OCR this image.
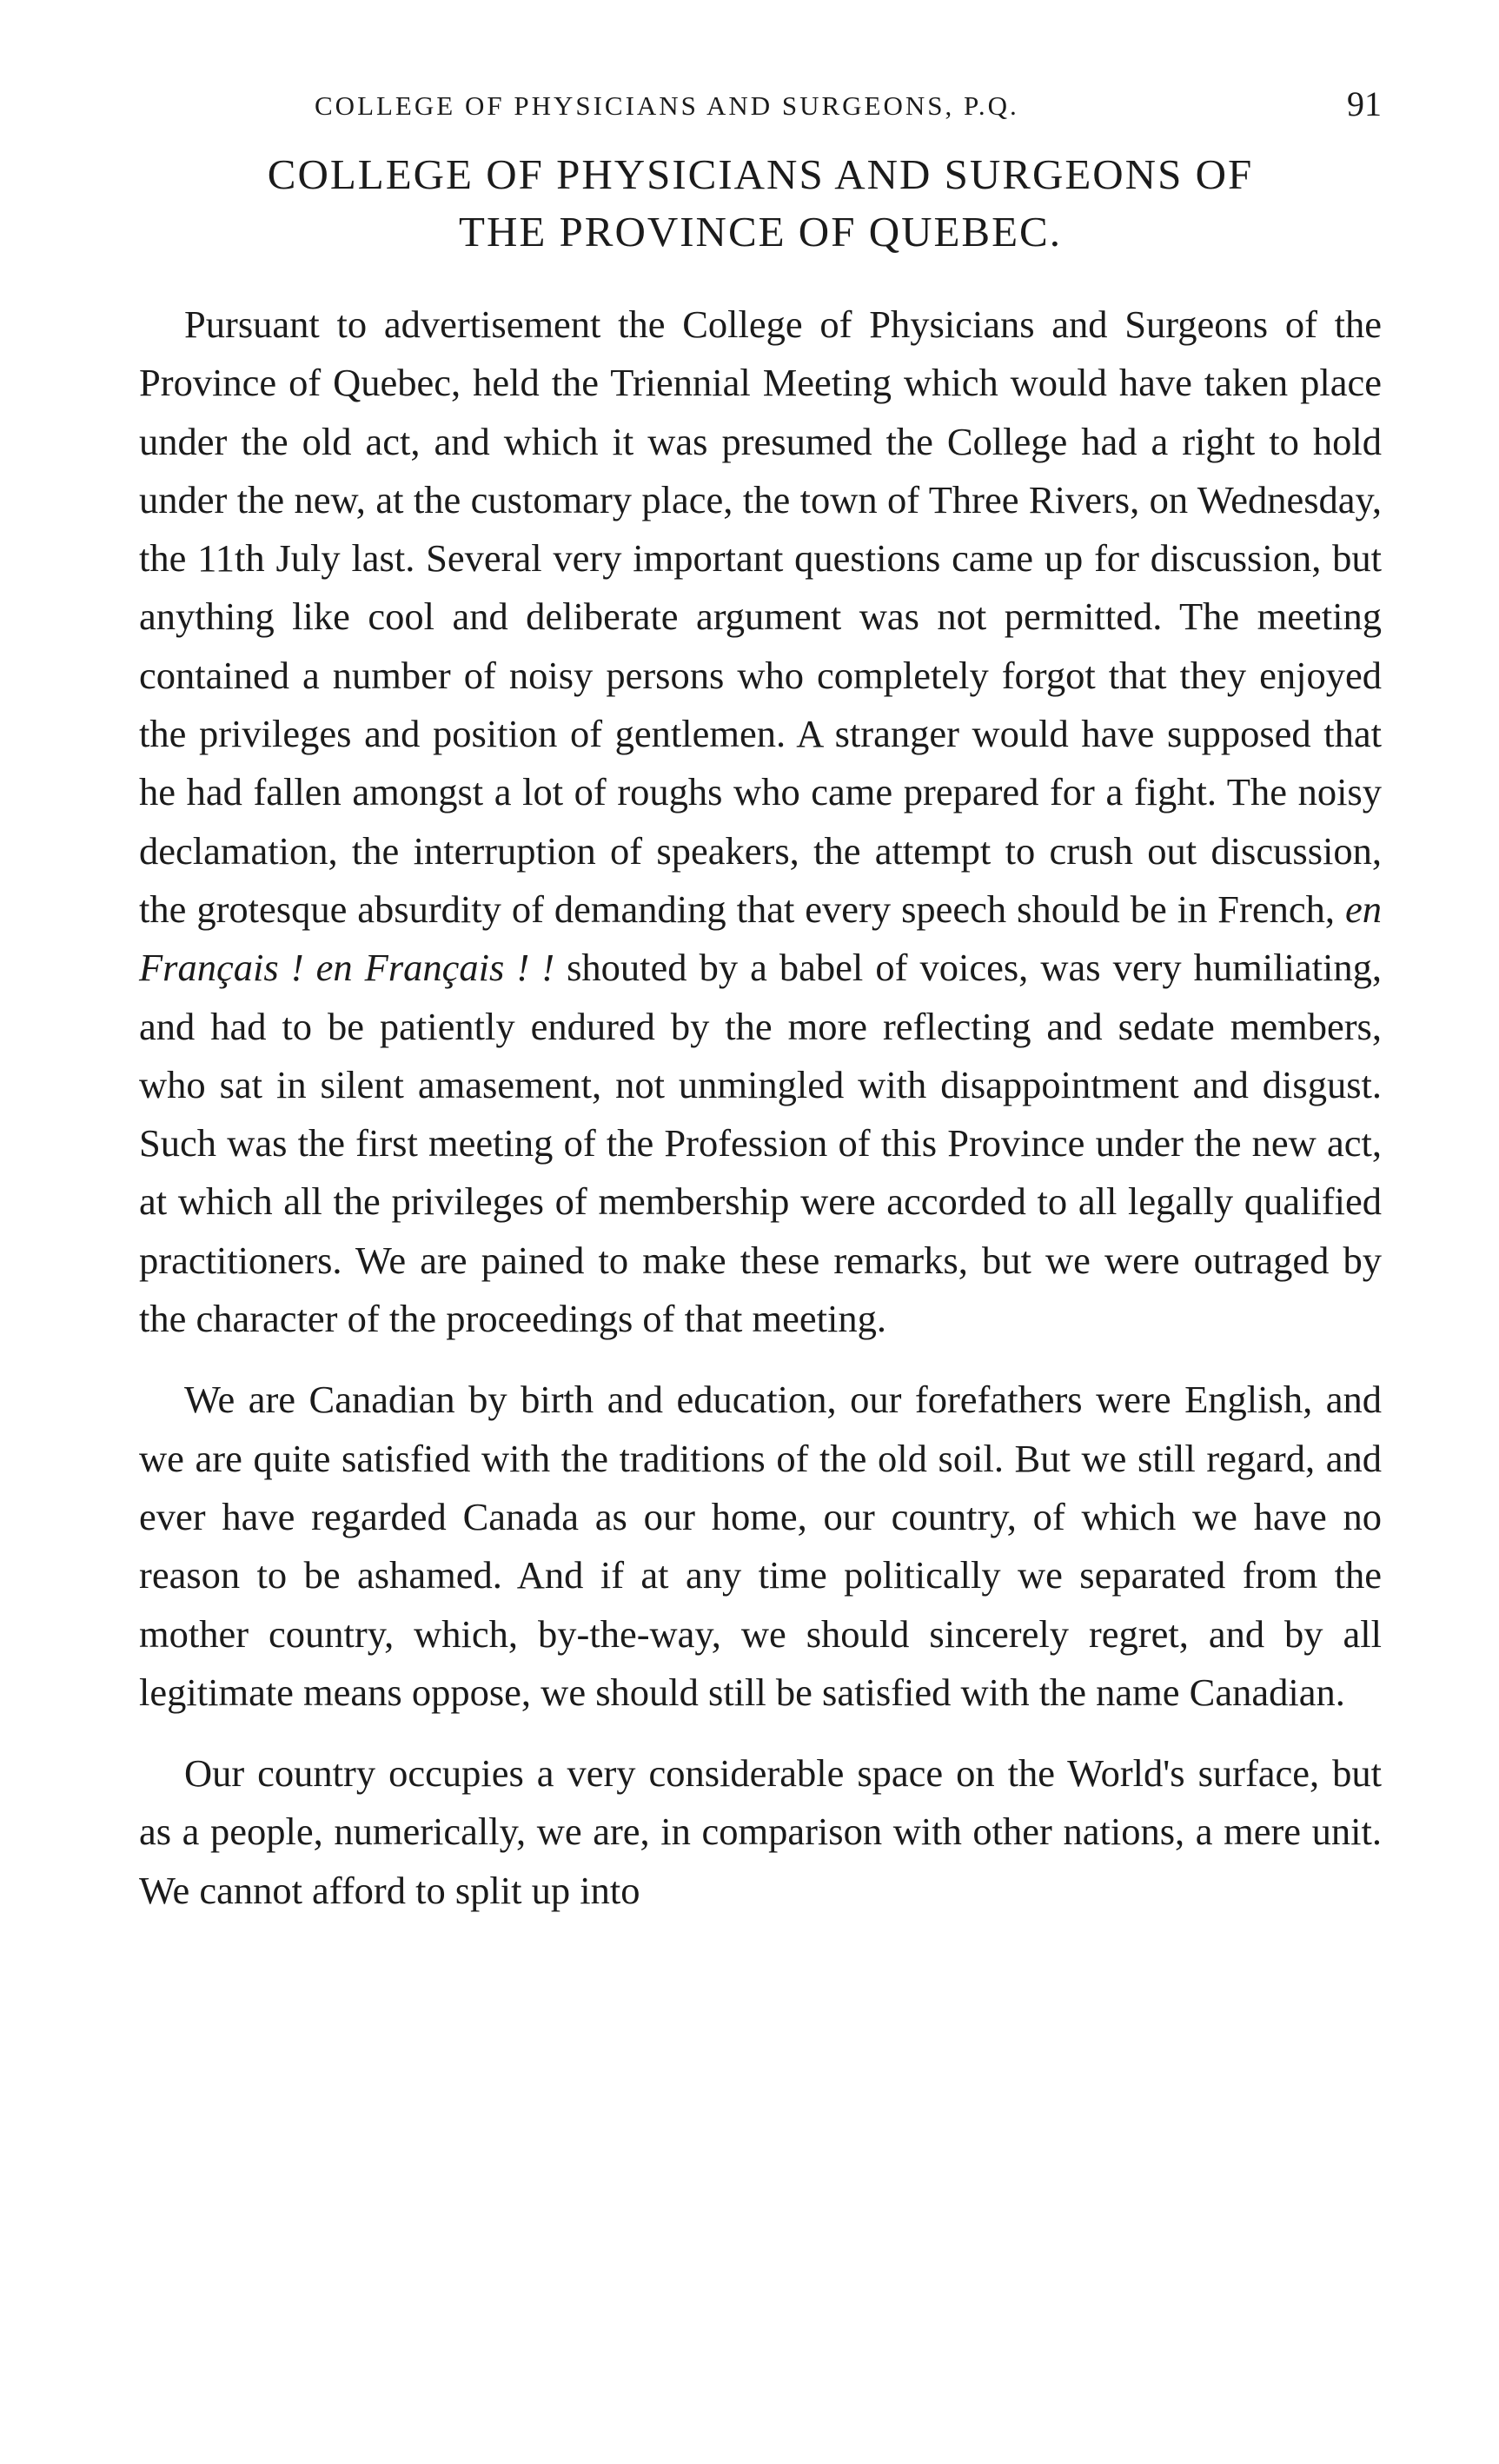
COLLEGE OF PHYSICIANS AND SURGEONS, P.Q.	91
COLLEGE OF PHYSICIANS AND SURGEONS OF
THE PROVINCE OF QUEBEC.

Pursuant to advertisement the College of Physicians and Surgeons of the Province of Quebec, held the Triennial Meeting which would have taken place under the old act, and which it was presumed the College had a right to hold under the new, at the customary place, the town of Three Rivers, on Wednesday, the 11th July last. Several very important questions came up for discussion, but anything like cool and deliberate argument was not permitted. The meeting contained a number of noisy persons who completely forgot that they enjoyed the privileges and position of gentlemen. A stranger would have supposed that he had fallen amongst a lot of roughs who came prepared for a fight. The noisy declamation, the interruption of speakers, the attempt to crush out discussion, the grotesque absurdity of demanding that every speech should be in French, en Français ! en Français ! ! shouted by a babel of voices, was very humiliating, and had to be patiently endured by the more reflecting and sedate members, who sat in silent amasement, not unmingled with disappointment and disgust. Such was the first meeting of the Profession of this Province under the new act, at which all the privileges of membership were accorded to all legally qualified practitioners. We are pained to make these remarks, but we were outraged by the character of the proceedings of that meeting.

We are Canadian by birth and education, our forefathers were English, and we are quite satisfied with the traditions of the old soil. But we still regard, and ever have regarded Canada as our home, our country, of which we have no reason to be ashamed. And if at any time politically we separated from the mother country, which, by-the-way, we should sincerely regret, and by all legitimate means oppose, we should still be satisfied with the name Canadian.

Our country occupies a very considerable space on the World's surface, but as a people, numerically, we are, in comparison with other nations, a mere unit. We cannot afford to split up into
